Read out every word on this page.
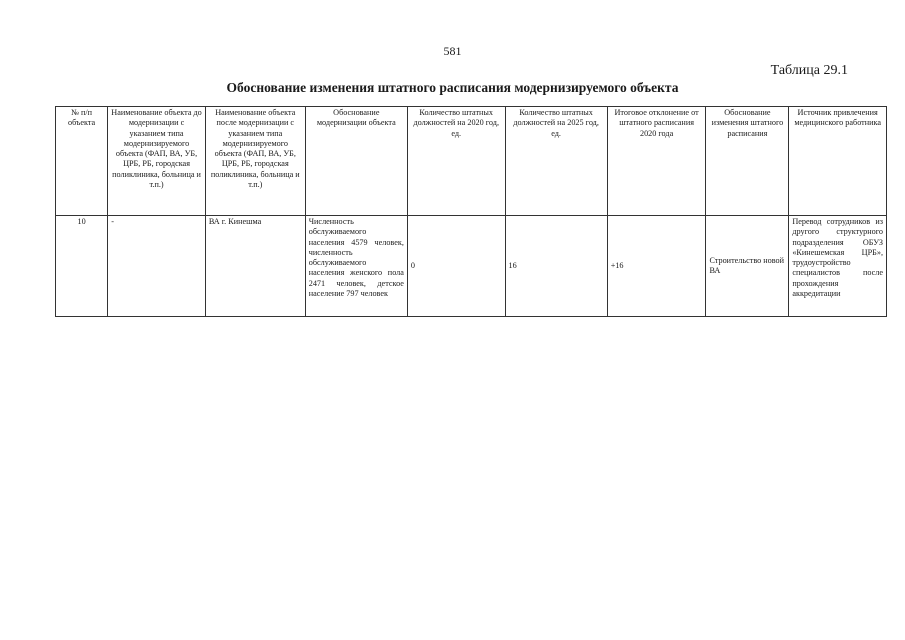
581
Таблица 29.1
Обоснование изменения штатного расписания модернизируемого объекта
№ п/п объекта	Наименование объекта до модернизации с указанием типа модернизируемого объекта (ФАП, ВА, УБ, ЦРБ, РБ, городская поликлиника, больница и т.п.)	Наименование объекта после модернизации с указанием типа модернизируемого объекта (ФАП, ВА, УБ, ЦРБ, РБ, городская поликлиника, больница и т.п.)	Обоснование модернизации объекта	Количество штатных должностей на 2020 год, ед.	Количество штатных должностей на 2025 год, ед.	Итоговое отклонение от штатного расписания 2020 года	Обоснование изменения штатного расписания	Источник привлечения медицинского работника
10	-	ВА г. Кинешма	Численность обслуживаемого населения 4579 человек, численность обслуживаемого населения женского пола 2471 человек, детское население 797 человек	0	16	+16	Строительство новой ВА	Перевод сотрудников из другого структурного подразделения ОБУЗ «Кинешемская ЦРБ», трудоустройство специалистов после прохождения аккредитации
